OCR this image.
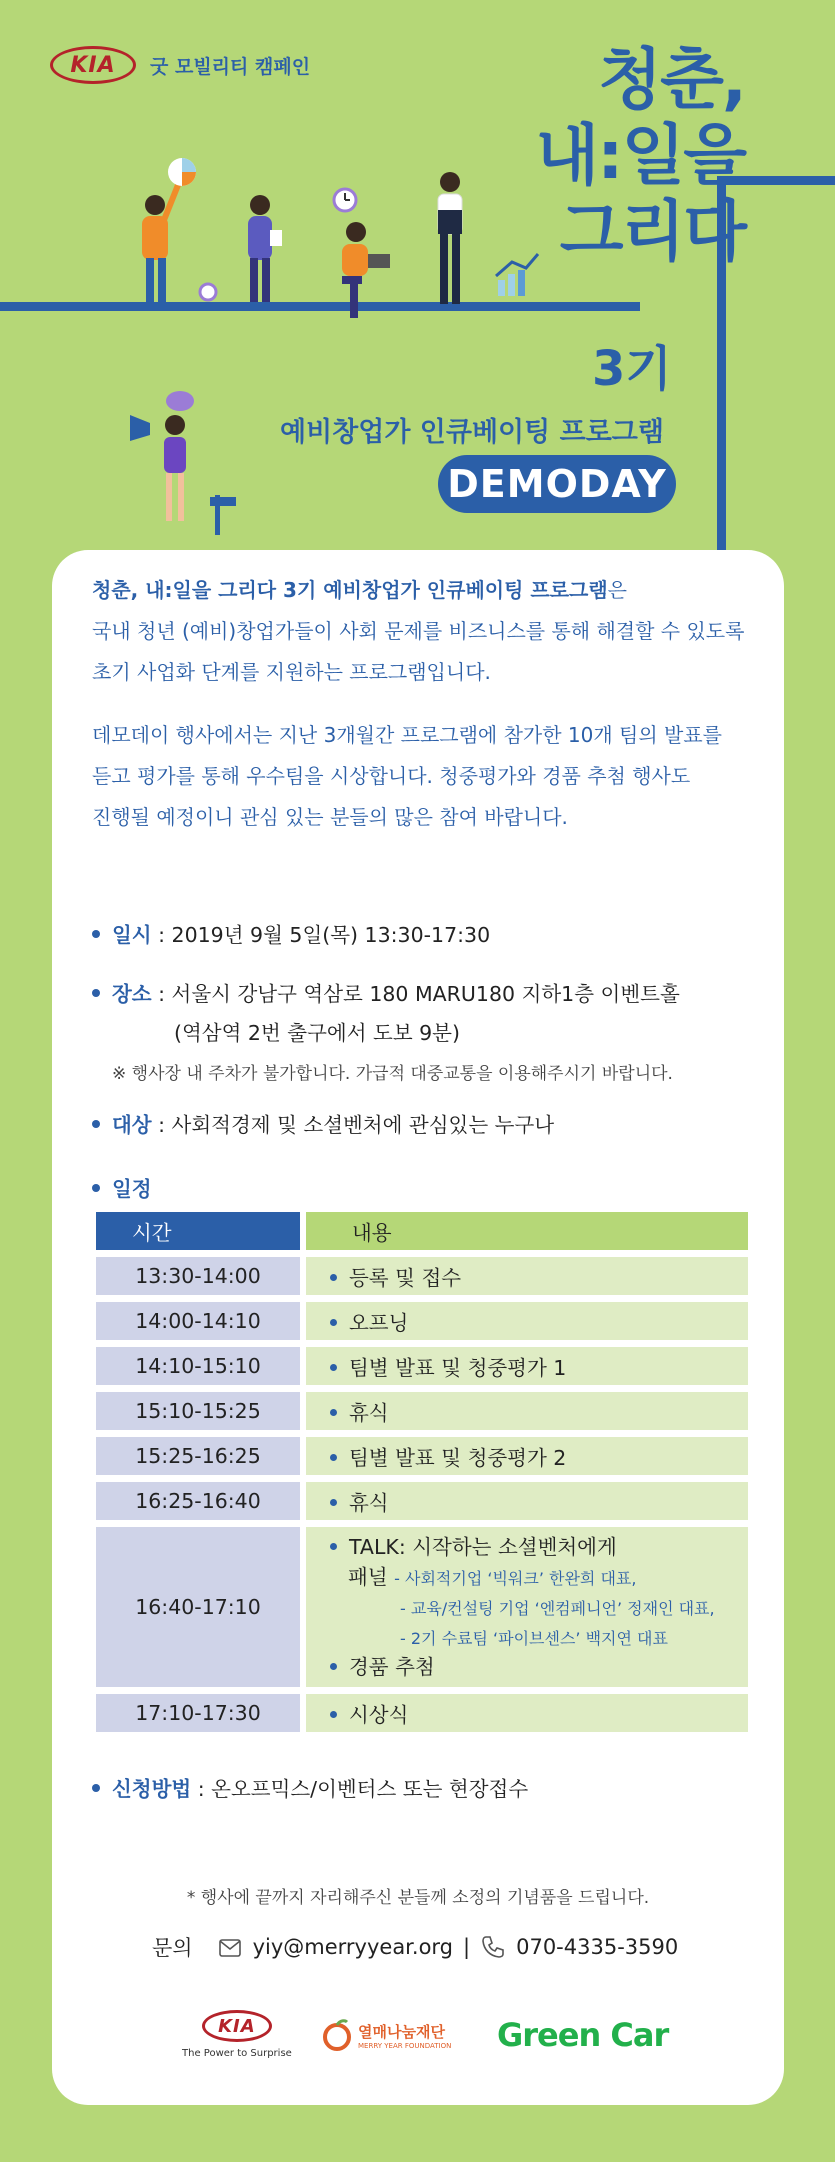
KIA	굿 모빌리티 캠페인	청춘,
내:일을
그리다
3기
예비창업가 인큐베이팅 프로그램
DEMODAY

청춘, 내:일을 그리다 3기 예비창업가 인큐베이팅 프로그램은
국내 청년 (예비)창업가들이 사회 문제를 비즈니스를 통해 해결할 수 있도록
초기 사업화 단계를 지원하는 프로그램입니다.

데모데이 행사에서는 지난 3개월간 프로그램에 참가한 10개 팀의 발표를
듣고 평가를 통해 우수팀을 시상합니다. 청중평가와 경품 추첨 행사도
진행될 예정이니 관심 있는 분들의 많은 참여 바랍니다.

일시 : 2019년 9월 5일(목) 13:30-17:30
장소 : 서울시 강남구 역삼로 180 MARU180 지하1층 이벤트홀
(역삼역 2번 출구에서 도보 9분)
※ 행사장 내 주차가 불가합니다. 가급적 대중교통을 이용해주시기 바랍니다.
대상 : 사회적경제 및 소셜벤처에 관심있는 누구나
일정
시간	내용
13:30-14:00	등록 및 접수
14:00-14:10	오프닝
14:10-15:10	팀별 발표 및 청중평가 1
15:10-15:25	휴식
15:25-16:25	팀별 발표 및 청중평가 2
16:25-16:40	휴식
16:40-17:10	TALK: 시작하는 소셜벤처에게
패널 - 사회적기업 ‘빅워크’ 한완희 대표,
- 교육/컨설팅 기업 ‘엔컴페니언’ 정재인 대표,
- 2기 수료팀 ‘파이브센스’ 백지연 대표
경품 추첨
17:10-17:30	시상식
신청방법 : 온오프믹스/이벤터스 또는 현장접수
* 행사에 끝까지 자리해주신 분들께 소정의 기념품을 드립니다.
문의	yiy@merryyear.org | 070-4335-3590
KIA
The Power to Surprise
열매나눔재단
MERRY YEAR FOUNDATION Green Car
